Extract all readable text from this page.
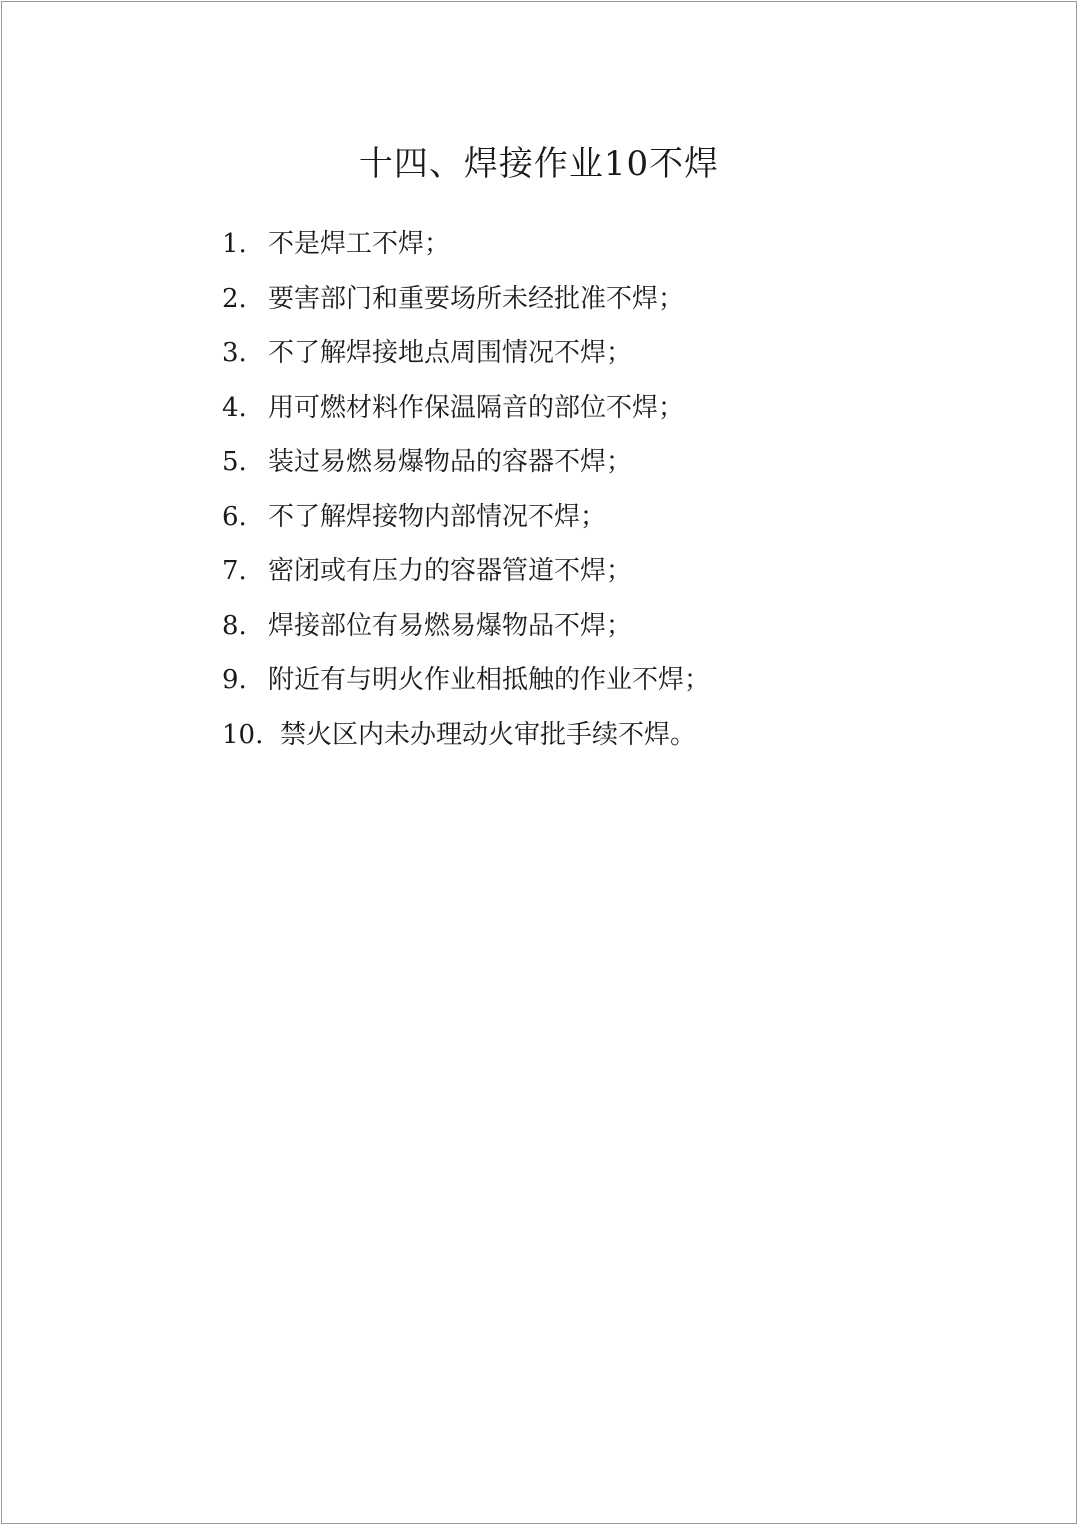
十四、焊接作业10不焊
1. 不是焊工不焊；
2. 要害部门和重要场所未经批准不焊；
3. 不了解焊接地点周围情况不焊；
4. 用可燃材料作保温隔音的部位不焊；
5. 装过易燃易爆物品的容器不焊；
6. 不了解焊接物内部情况不焊；
7. 密闭或有压力的容器管道不焊；
8. 焊接部位有易燃易爆物品不焊；
9. 附近有与明火作业相抵触的作业不焊；
10. 禁火区内未办理动火审批手续不焊。
